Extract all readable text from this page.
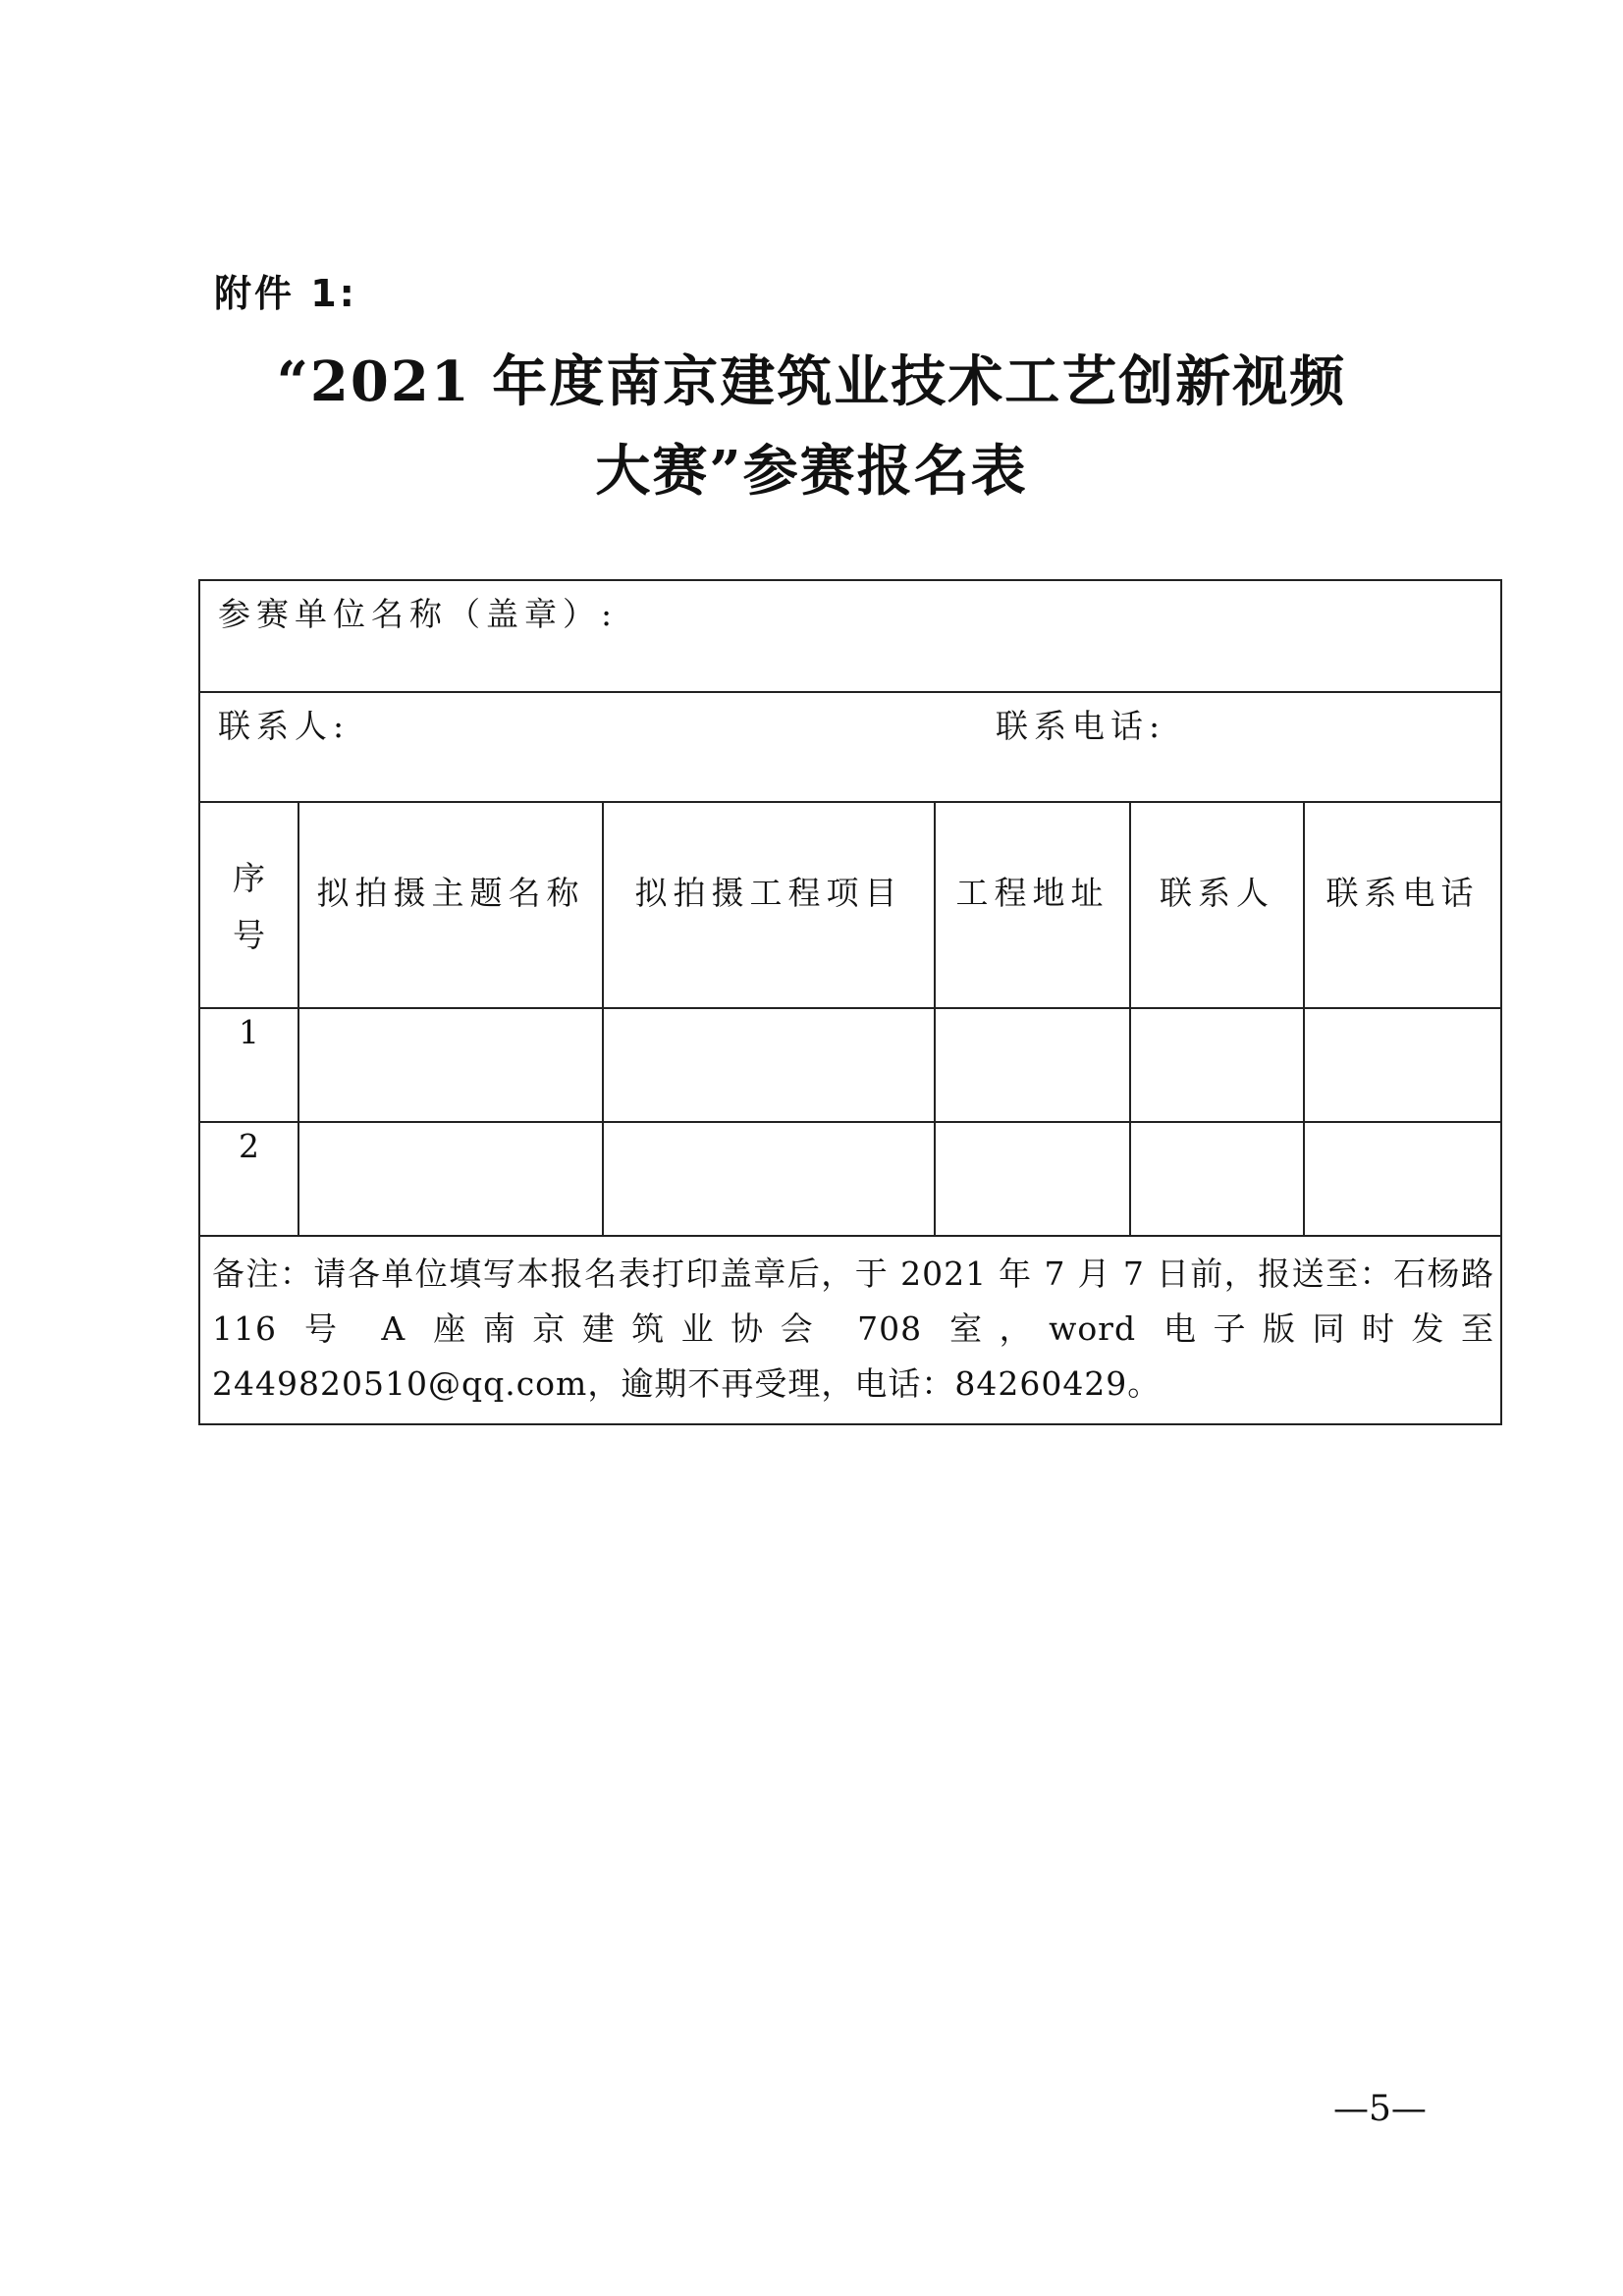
附件 1:

“2021 年度南京建筑业技术工艺创新视频
大赛”参赛报名表
参赛单位名称（盖章）:					

联系人: 联系电话:					

序
号	拟拍摄主题名称	拟拍摄工程项目	工程地址	联系人	联系电话
1					
2					
备注：请各单位填写本报名表打印盖章后，于 2021 年 7 月 7 日前，报送至：石杨路 116 号 A 座南京建筑业协会 708 室，word 电子版同时发至 2449820510@qq.com，逾期不再受理，电话：84260429。					

—5—
